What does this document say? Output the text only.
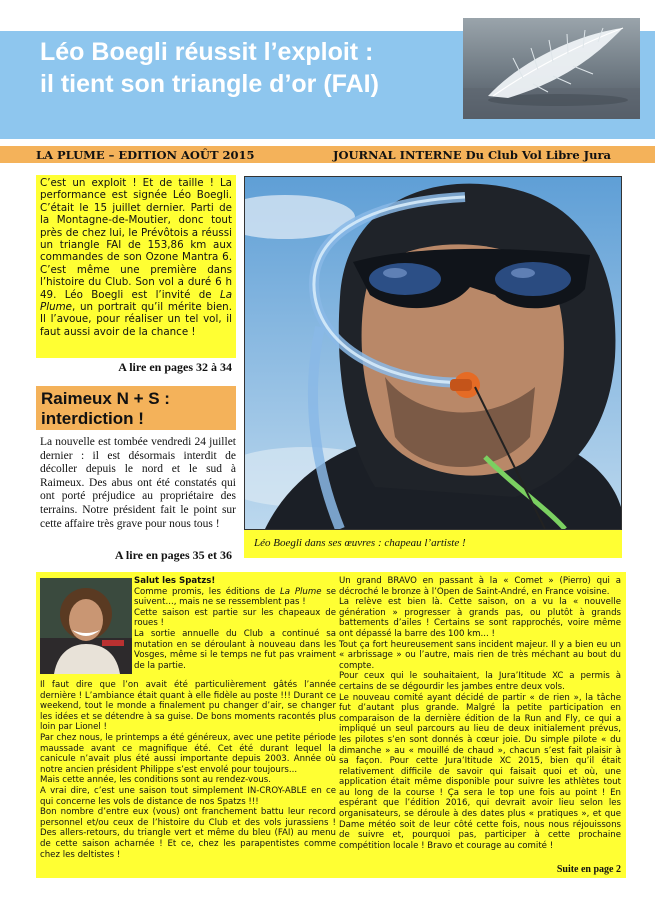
Léo Boegli réussit l’exploit :
il tient son triangle d’or (FAI)
LA PLUME – EDITION AOÛT 2015	JOURNAL INTERNE Du Club Vol Libre Jura
C’est un exploit ! Et de taille ! La performance est signée Léo Boegli. C’était le 15 juillet dernier. Parti de la Montagne-de-Moutier, donc tout près de chez lui, le Prévôtois a réussi un triangle FAI de 153,86 km aux commandes de son Ozone Mantra 6. C’est même une première dans l’histoire du Club. Son vol a duré 6 h 49. Léo Boegli est l’invité de La Plume, un portrait qu’il mérite bien. Il l’avoue, pour réaliser un tel vol, il faut aussi avoir de la chance !
A lire en pages 32 à 34
Raimeux N + S : interdiction !
La nouvelle est tombée vendredi 24 juillet dernier : il est désormais interdit de décoller depuis le nord et le sud à Raimeux. Des abus ont été constatés qui ont porté préjudice au propriétaire des terrains. Notre président fait le point sur cette affaire très grave pour nous tous !
A lire en pages 35 et 36
Léo Boegli dans ses œuvres : chapeau l’artiste !

Salut les Spatzs!

Comme promis, les éditions de La Plume se suivent..., mais ne se ressemblent pas !

Cette saison est partie sur les chapeaux de roues !

La sortie annuelle du Club a continué sa mutation en se déroulant à nouveau dans les Vosges, même si le temps ne fut pas vraiment de la partie.

Il faut dire que l’on avait été particulièrement gâtés l’année dernière ! L’ambiance était quant à elle fidèle au poste !!! Durant ce weekend, tout le monde a finalement pu changer d’air, se changer les idées et se détendre à sa guise. De bons moments racontés plus loin par Lionel !

Par chez nous, le printemps a été généreux, avec une petite période maussade avant ce magnifique été. Cet été durant lequel la canicule n’avait plus été aussi importante depuis 2003. Année où notre ancien président Philippe s’est envolé pour toujours...

Mais cette année, les conditions sont au rendez-vous.

A vrai dire, c’est une saison tout simplement IN-CROY-ABLE en ce qui concerne les vols de distance de nos Spatzs !!!

Bon nombre d’entre eux (vous) ont franchement battu leur record personnel et/ou ceux de l’histoire du Club et des vols jurassiens ! Des allers-retours, du triangle vert et même du bleu (FAI) au menu de cette saison acharnée ! Et ce, chez les parapentistes comme chez les deltistes !

Un grand BRAVO en passant à la « Comet » (Pierro) qui a décroché le bronze à l’Open de Saint-André, en France voisine.

La relève est bien là. Cette saison, on a vu la « nouvelle génération » progresser à grands pas, ou plutôt à grands battements d’ailes ! Certains se sont rapprochés, voire même ont dépassé la barre des 100 km... !

Tout ça fort heureusement sans incident majeur. Il y a bien eu un « arbrissage » ou l’autre, mais rien de très méchant au bout du compte.

Pour ceux qui le souhaitaient, la Jura’Ititude XC a permis à certains de se dégourdir les jambes entre deux vols.

Le nouveau comité ayant décidé de partir « de rien », la tâche fut d’autant plus grande. Malgré la petite participation en comparaison de la dernière édition de la Run and Fly, ce qui a impliqué un seul parcours au lieu de deux initialement prévus, les pilotes s’en sont donnés à cœur joie. Du simple pilote « du dimanche » au « mouillé de chaud », chacun s’est fait plaisir à sa façon. Pour cette Jura’Ititude XC 2015, bien qu’il était relativement difficile de savoir qui faisait quoi et où, une application était même disponible pour suivre les athlètes tout au long de la course ! Ça sera le top une fois au point ! En espérant que l’édition 2016, qui devrait avoir lieu selon les organisateurs, se déroule à des dates plus « pratiques », et que Dame météo soit de leur côté cette fois, nous nous réjouissons de suivre et, pourquoi pas, participer à cette prochaine compétition locale ! Bravo et courage au comité !

Suite en page 2
